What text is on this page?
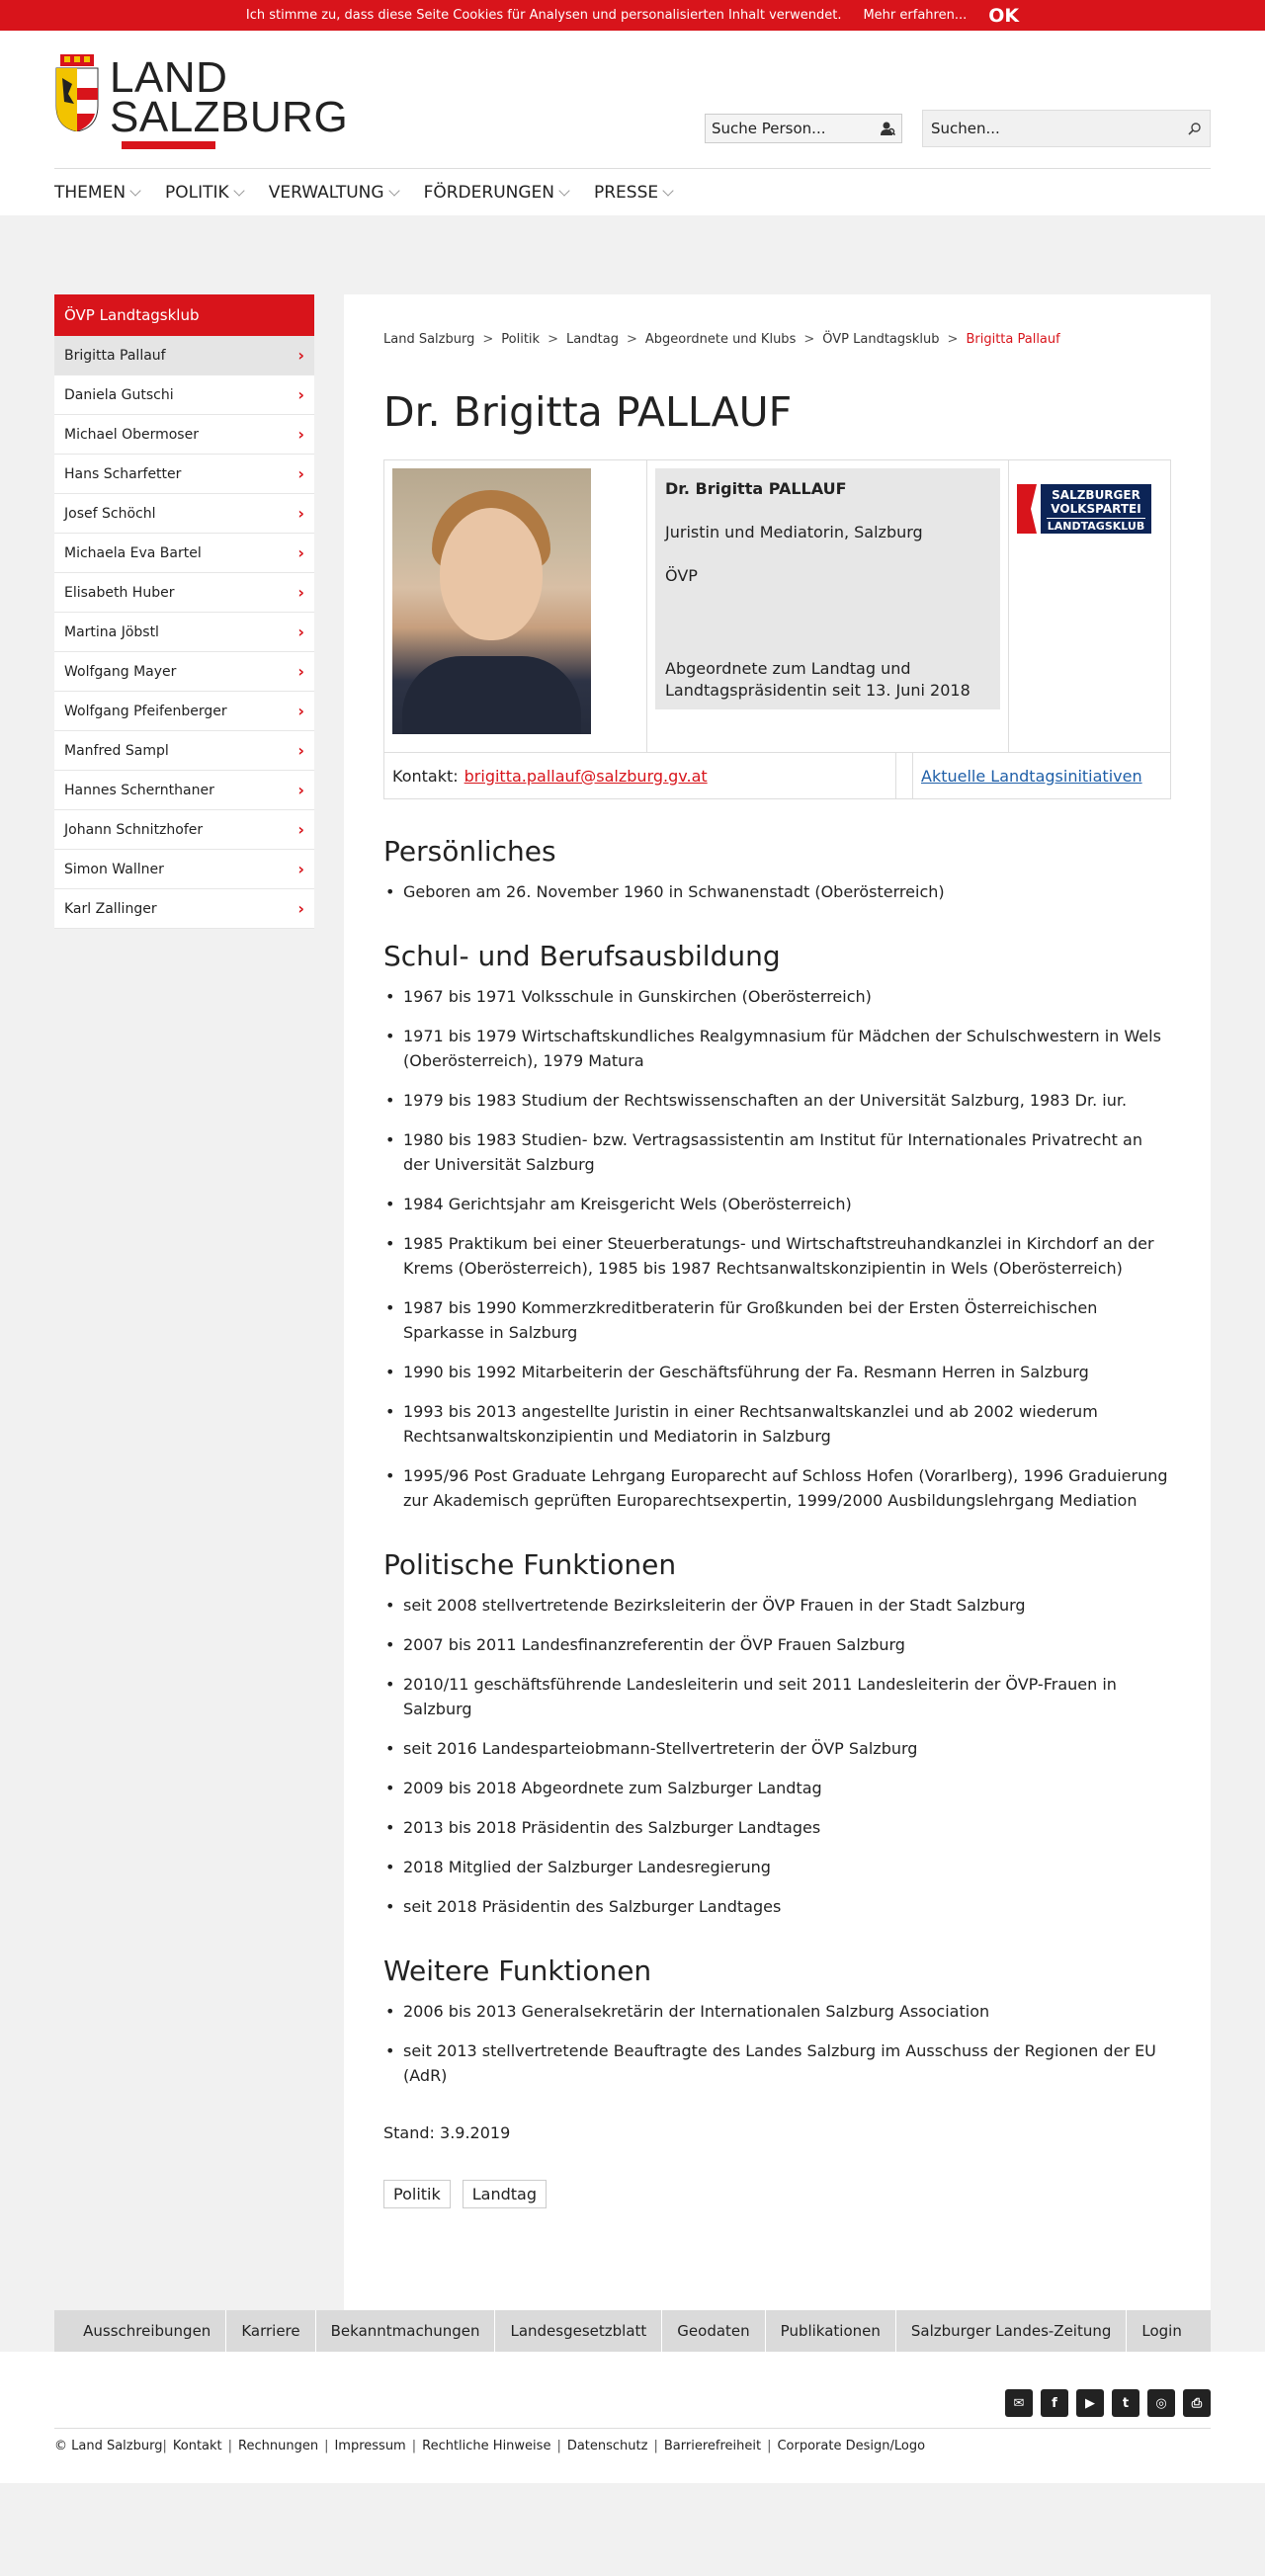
Ich stimme zu, dass diese Seite Cookies für Analysen und personalisierten Inhalt verwendet. Mehr erfahren... OK
LAND
SALZBURG	Suche Person...	Suchen...
THEMEN POLITIK VERWALTUNG FÖRDERUNGEN PRESSE
ÖVP Landtagsklub
Brigitta Pallauf	›
Daniela Gutschi	›
Michael Obermoser	›
Hans Scharfetter	›
Josef Schöchl	›
Michaela Eva Bartel	›
Elisabeth Huber	›
Martina Jöbstl	›
Wolfgang Mayer	›
Wolfgang Pfeifenberger	›
Manfred Sampl	›
Hannes Schernthaner	›
Johann Schnitzhofer	›
Simon Wallner	›
Karl Zallinger	›
Land Salzburg > Politik > Landtag > Abgeordnete und Klubs > ÖVP Landtagsklub > Brigitta Pallauf
Dr. Brigitta PALLAUF
Dr. Brigitta PALLAUF
Juristin und Mediatorin, Salzburg
ÖVP
Abgeordnete zum Landtag und Landtagspräsidentin seit 13. Juni 2018
SALZBURGER
VOLKSPARTEI
LANDTAGSKLUB
Kontakt: brigitta.pallauf@salzburg.gv.at	Aktuelle Landtagsinitiativen
Persönliches
• Geboren am 26. November 1960 in Schwanenstadt (Oberösterreich)
Schul- und Berufsausbildung
• 1967 bis 1971 Volksschule in Gunskirchen (Oberösterreich)
• 1971 bis 1979 Wirtschaftskundliches Realgymnasium für Mädchen der Schulschwestern in Wels (Oberösterreich), 1979 Matura
• 1979 bis 1983 Studium der Rechtswissenschaften an der Universität Salzburg, 1983 Dr. iur.
• 1980 bis 1983 Studien- bzw. Vertragsassistentin am Institut für Internationales Privatrecht an der Universität Salzburg
• 1984 Gerichtsjahr am Kreisgericht Wels (Oberösterreich)
• 1985 Praktikum bei einer Steuerberatungs- und Wirtschaftstreuhandkanzlei in Kirchdorf an der Krems (Oberösterreich), 1985 bis 1987 Rechtsanwaltskonzipientin in Wels (Oberösterreich)
• 1987 bis 1990 Kommerzkreditberaterin für Großkunden bei der Ersten Österreichischen Sparkasse in Salzburg
• 1990 bis 1992 Mitarbeiterin der Geschäftsführung der Fa. Resmann Herren in Salzburg
• 1993 bis 2013 angestellte Juristin in einer Rechtsanwaltskanzlei und ab 2002 wiederum Rechtsanwaltskonzipientin und Mediatorin in Salzburg
• 1995/96 Post Graduate Lehrgang Europarecht auf Schloss Hofen (Vorarlberg), 1996 Graduierung zur Akademisch geprüften Europarechtsexpertin, 1999/2000 Ausbildungslehrgang Mediation
Politische Funktionen
• seit 2008 stellvertretende Bezirksleiterin der ÖVP Frauen in der Stadt Salzburg
• 2007 bis 2011 Landesfinanzreferentin der ÖVP Frauen Salzburg
• 2010/11 geschäftsführende Landesleiterin und seit 2011 Landesleiterin der ÖVP-Frauen in Salzburg
• seit 2016 Landesparteiobmann-Stellvertreterin der ÖVP Salzburg
• 2009 bis 2018 Abgeordnete zum Salzburger Landtag
• 2013 bis 2018 Präsidentin des Salzburger Landtages
• 2018 Mitglied der Salzburger Landesregierung
• seit 2018 Präsidentin des Salzburger Landtages
Weitere Funktionen
• 2006 bis 2013 Generalsekretärin der Internationalen Salzburg Association
• seit 2013 stellvertretende Beauftragte des Landes Salzburg im Ausschuss der Regionen der EU (AdR)
Stand: 3.9.2019
Politik	Landtag
Ausschreibungen	Karriere	Bekanntmachungen	Landesgesetzblatt	Geodaten	Publikationen	Salzburger Landes-Zeitung	Login
✉	f	▶	t	◎	⎙
© Land Salzburg | Kontakt | Rechnungen | Impressum | Rechtliche Hinweise | Datenschutz | Barrierefreiheit | Corporate Design/Logo
